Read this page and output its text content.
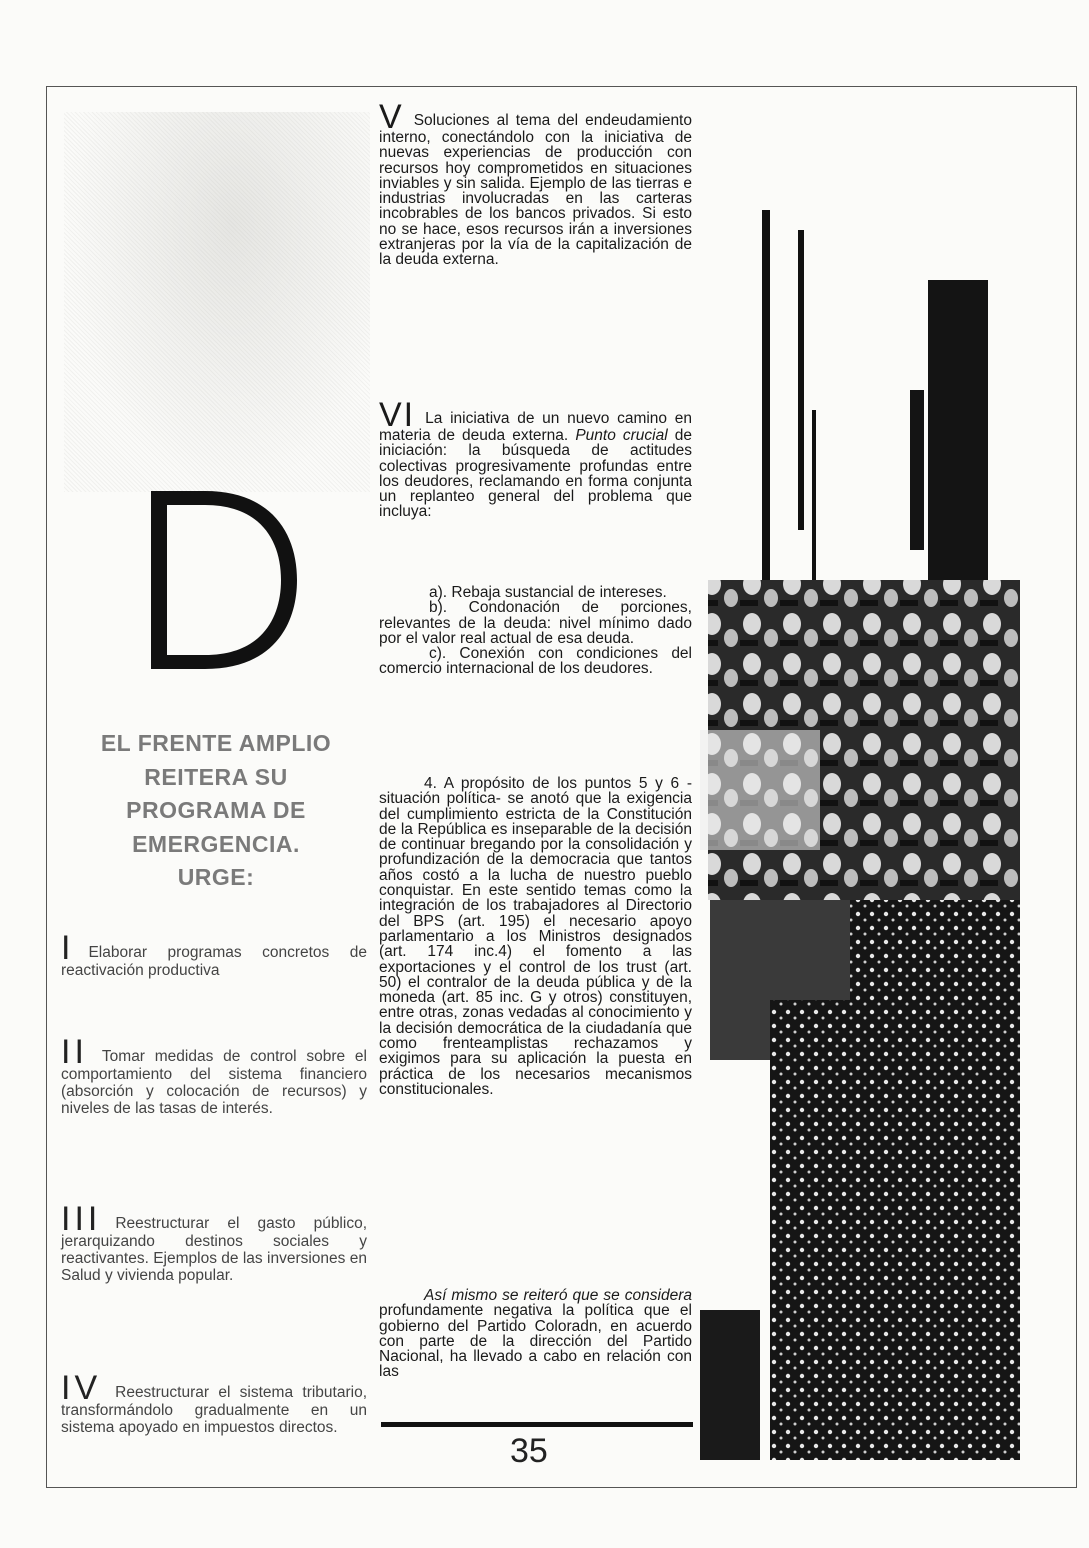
D
EL FRENTE AMPLIO
REITERA SU
PROGRAMA DE
EMERGENCIA.
URGE:
I Elaborar programas concretos de reactivación productiva
II Tomar medidas de control sobre el comportamiento del sistema financiero (absorción y colocación de recursos) y niveles de las tasas de interés.
III Reestructurar el gasto público, jerarquizando destinos sociales y reactivantes. Ejemplos de las inversiones en Salud y vivienda popular.
IV Reestructurar el sistema tributario, transformándolo gradualmente en un sistema apoyado en impuestos directos.

V Soluciones al tema del endeudamiento interno, conectándolo con la iniciativa de nuevas experiencias de producción con recursos hoy comprometidos en situaciones inviables y sin salida. Ejemplo de las tierras e industrias involucradas en las carteras incobrables de los bancos privados. Si esto no se hace, esos recursos irán a inversiones extranjeras por la vía de la capitalización de la deuda externa.

VI La iniciativa de un nuevo camino en materia de deuda externa. Punto crucial de iniciación: la búsqueda de actitudes colectivas progresivamente profundas entre los deudores, reclamando en forma conjunta un replanteo general del problema que incluya:

a). Rebaja sustancial de intereses.

b). Condonación de porciones, relevantes de la deuda: nivel mínimo dado por el valor real actual de esa deuda.

c). Conexión con condiciones del comercio internacional de los deudores.

4. A propósito de los puntos 5 y 6 -situación política- se anotó que la exigencia del cumplimiento estricta de la Constitución de la República es inseparable de la decisión de continuar bregando por la consolidación y profundización de la democracia que tantos años costó a la lucha de nuestro pueblo conquistar. En este sentido temas como la integración de los trabajadores al Directorio del BPS (art. 195) el necesario apoyo parlamentario a los Ministros designados (art. 174 inc.4) el fomento a las exportaciones y el control de los trust (art. 50) el contralor de la deuda pública y de la moneda (art. 85 inc. G y otros) constituyen, entre otras, zonas vedadas al conocimiento y la decisión democrática de la ciudadanía que como frenteamplistas rechazamos y exigimos para su aplicación la puesta en práctica de los necesarios mecanismos constitucionales.

Así mismo se reiteró que se considera profundamente negativa la política que el gobierno del Partido Coloradn, en acuerdo con parte de la dirección del Partido Nacional, ha llevado a cabo en relación con las

35
